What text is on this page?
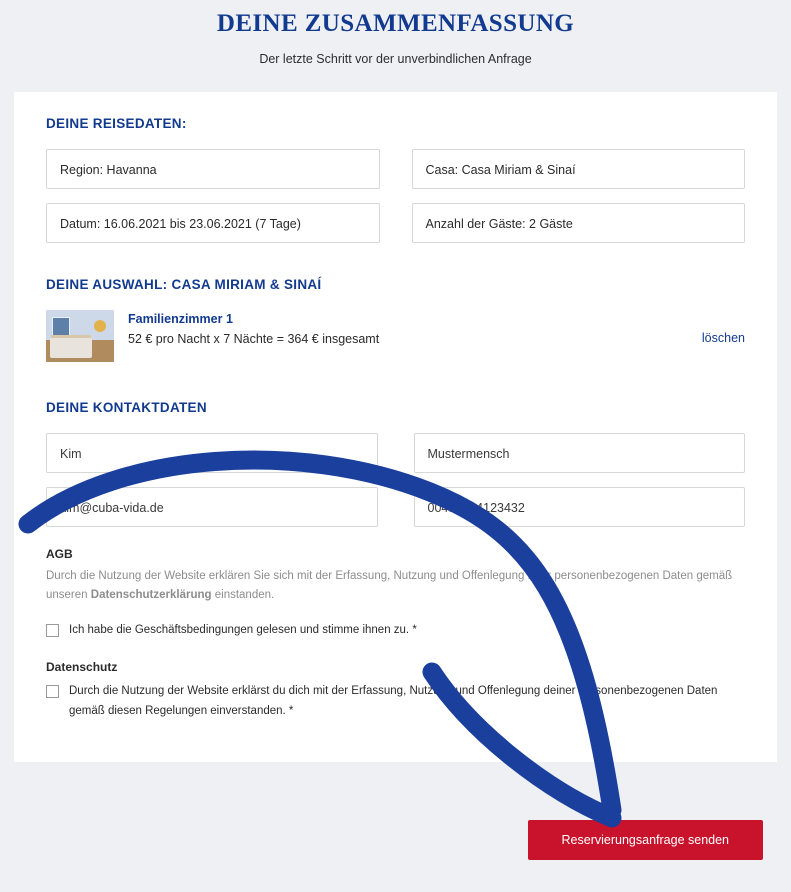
DEINE ZUSAMMENFASSUNG
Der letzte Schritt vor der unverbindlichen Anfrage
DEINE REISEDATEN:
Region: Havanna	Casa: Casa Miriam & Sinaí
Datum: 16.06.2021 bis 23.06.2021 (7 Tage)	Anzahl der Gäste: 2 Gäste
DEINE AUSWAHL: CASA MIRIAM & SINAÍ
Familienzimmer 1
52 € pro Nacht x 7 Nächte = 364 € insgesamt	löschen
DEINE KONTAKTDATEN
Kim	Mustermensch
kim@cuba-vida.de	00491234123432
AGB
Durch die Nutzung der Website erklären Sie sich mit der Erfassung, Nutzung und Offenlegung Ihrer personenbezogenen Daten gemäß unseren Datenschutzerklärung einstanden.
Ich habe die Geschäftsbedingungen gelesen und stimme ihnen zu. *
Datenschutz
Durch die Nutzung der Website erklärst du dich mit der Erfassung, Nutzung und Offenlegung deiner personenbezogenen Daten gemäß diesen Regelungen einverstanden. *
Reservierungsanfrage senden
